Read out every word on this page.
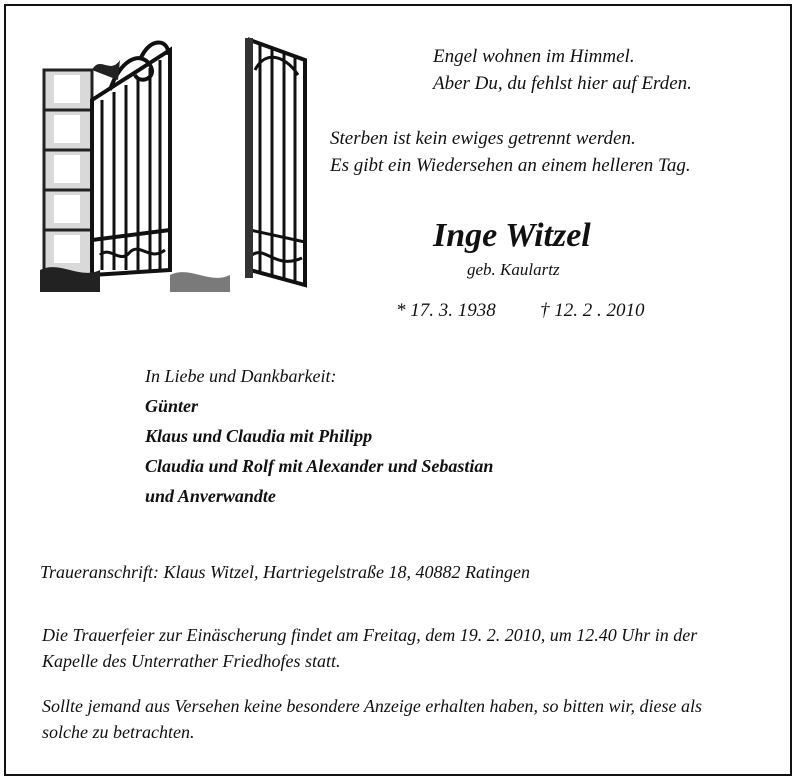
Engel wohnen im Himmel.
Aber Du, du fehlst hier auf Erden.
Sterben ist kein ewiges getrennt werden.
Es gibt ein Wiedersehen an einem helleren Tag.
Inge Witzel
geb. Kaulartz
* 17. 3. 1938 † 12. 2 . 2010
In Liebe und Dankbarkeit:
Günter
Klaus und Claudia mit Philipp
Claudia und Rolf mit Alexander und Sebastian
und Anverwandte
Traueranschrift: Klaus Witzel, Hartriegelstraße 18, 40882 Ratingen
Die Trauerfeier zur Einäscherung findet am Freitag, dem 19. 2. 2010, um 12.40 Uhr in der Kapelle des Unterrather Friedhofes statt.
Sollte jemand aus Versehen keine besondere Anzeige erhalten haben, so bitten wir, diese als solche zu betrachten.
